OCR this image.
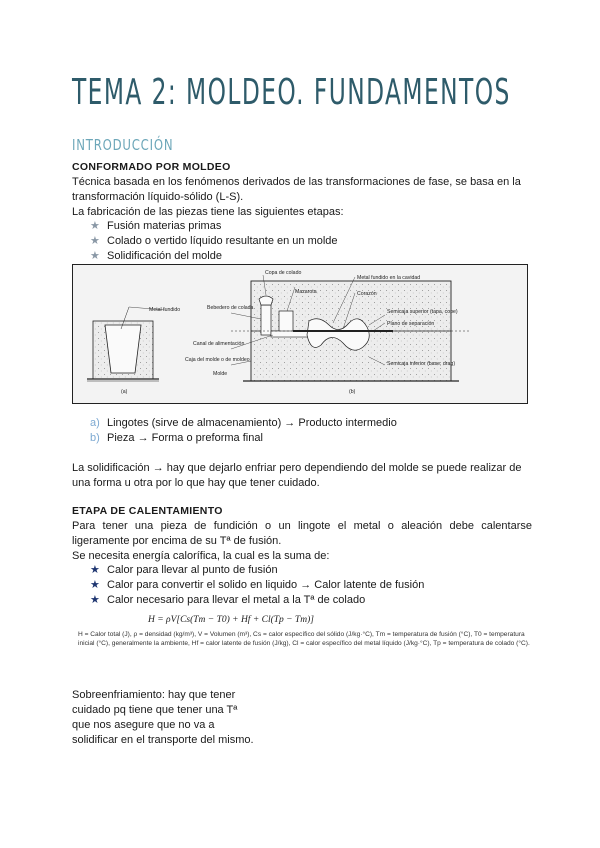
TEMA 2: MOLDEO. FUNDAMENTOS
INTRODUCCIÓN
CONFORMADO POR MOLDEO
Técnica basada en los fenómenos derivados de las transformaciones de fase, se basa en la transformación líquido-sólido (L-S).
La fabricación de las piezas tiene las siguientes etapas:
★ Fusión materias primas
★ Colado o vertido líquido resultante en un molde
★ Solidificación del molde
Metal fundido
Copa de colado
Mazarota
Metal fundido en la cavidad
Corazón
Bebedero de colada
Semicaja superior (tapa, cope)
Plano de separación
Canal de alimentación
Caja del molde o de moldeo
Molde
Semicaja inferior (base, drag)
(a)	(b)
a) Lingotes (sirve de almacenamiento) → Producto intermedio
b) Pieza → Forma o preforma final
La solidificación → hay que dejarlo enfriar pero dependiendo del molde se puede realizar de una forma u otra por lo que hay que tener cuidado.
ETAPA DE CALENTAMIENTO
Para tener una pieza de fundición o un lingote el metal o aleación debe calentarse ligeramente por encima de su Tª de fusión.
Se necesita energía calorífica, la cual es la suma de:
★ Calor para llevar al punto de fusión
★ Calor para convertir el solido en liquido → Calor latente de fusión
★ Calor necesario para llevar el metal a la Tª de colado
H = ρV[Cs(Tm − T0) + Hf + Cl(Tp − Tm)]
H = Calor total (J), ρ = densidad (kg/m³), V = Volumen (m³), Cs = calor específico del sólido (J/kg·°C), Tm = temperatura de fusión (°C), T0 = temperatura inicial (°C), generalmente la ambiente, Hf = calor latente de fusión (J/kg), Cl = calor específico del metal líquido (J/kg·°C), Tp = temperatura de colado (°C).
Sobreenfriamiento: hay que tener
cuidado pq tiene que tener una Tª
que nos asegure que no va a
solidificar en el transporte del mismo.
